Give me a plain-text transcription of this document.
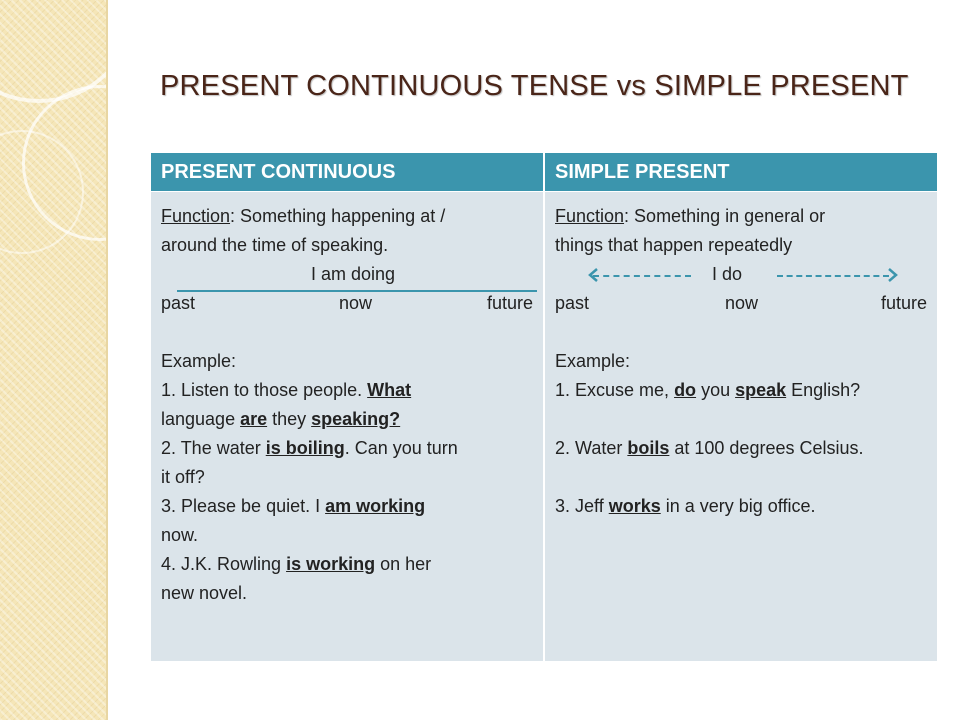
PRESENT CONTINUOUS TENSE vs SIMPLE PRESENT
PRESENT CONTINUOUS

Function: Something happening at /

around the time of speaking.

I am doing
past	now	future

Example:

1. Listen to those people. What

language are they speaking?

2. The water is boiling. Can you turn

it off?

3. Please be quiet. I am working

now.

4. J.K. Rowling is working on her

new novel.

SIMPLE PRESENT

Function: Something in general or

things that happen repeatedly

I do
past	now	future

Example:

1. Excuse me, do you speak English?

2. Water boils at 100 degrees Celsius.

3. Jeff works in a very big office.
